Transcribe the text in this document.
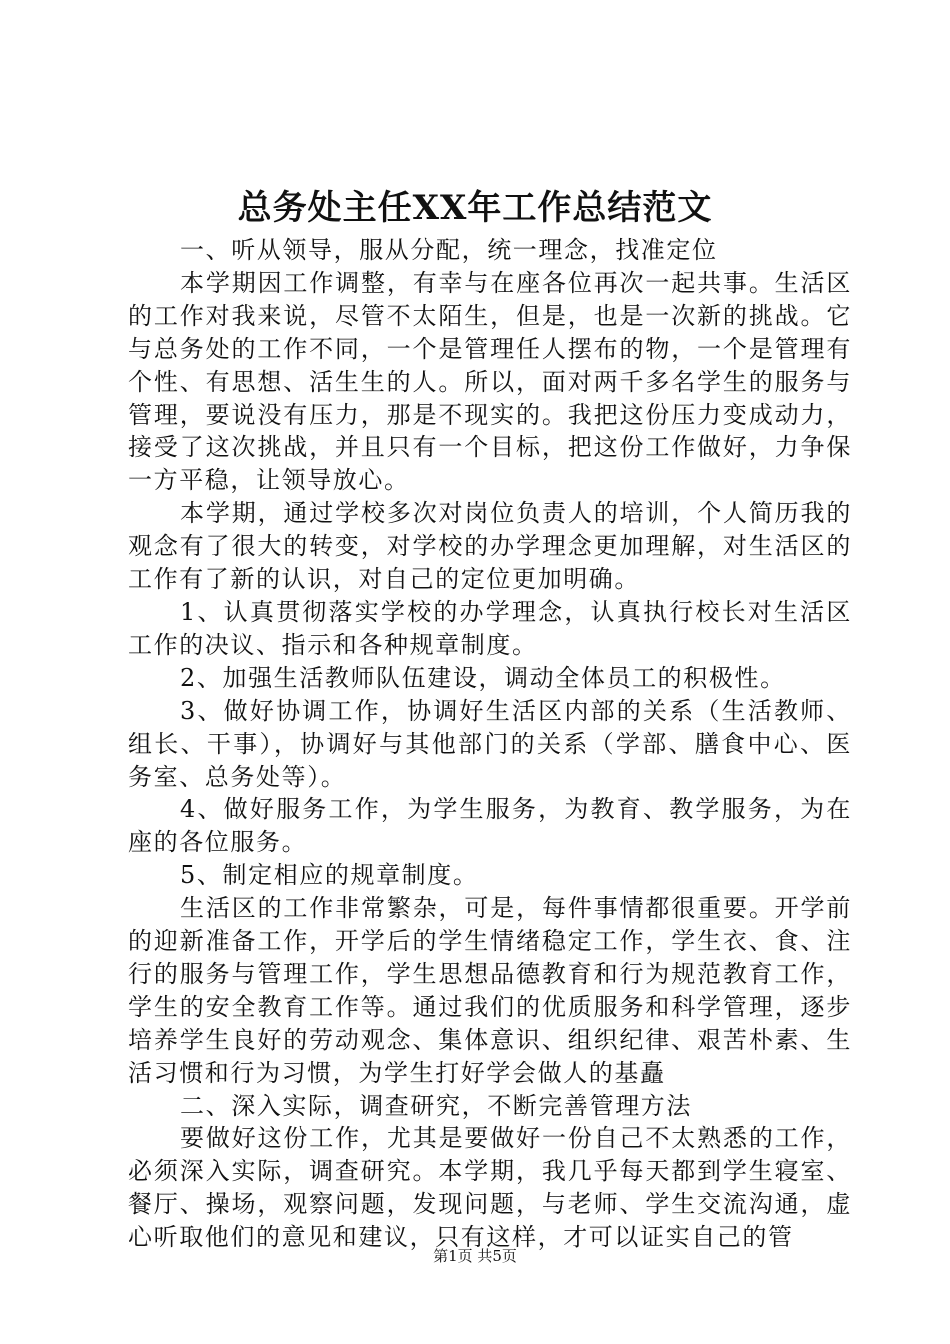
总务处主任XX年工作总结范文

一、听从领导，服从分配，统一理念，找准定位

本学期因工作调整，有幸与在座各位再次一起共事。生活区的工作对我来说，尽管不太陌生，但是，也是一次新的挑战。它与总务处的工作不同，一个是管理任人摆布的物，一个是管理有个性、有思想、活生生的人。所以，面对两千多名学生的服务与管理，要说没有压力，那是不现实的。我把这份压力变成动力，接受了这次挑战，并且只有一个目标，把这份工作做好，力争保一方平稳，让领导放心。

本学期，通过学校多次对岗位负责人的培训，个人简历我的观念有了很大的转变，对学校的办学理念更加理解，对生活区的工作有了新的认识，对自己的定位更加明确。

1、认真贯彻落实学校的办学理念，认真执行校长对生活区工作的决议、指示和各种规章制度。

2、加强生活教师队伍建设，调动全体员工的积极性。

3、做好协调工作，协调好生活区内部的关系（生活教师、组长、干事），协调好与其他部门的关系（学部、膳食中心、医务室、总务处等）。

4、做好服务工作，为学生服务，为教育、教学服务，为在座的各位服务。

5、制定相应的规章制度。

生活区的工作非常繁杂，可是，每件事情都很重要。开学前的迎新准备工作，开学后的学生情绪稳定工作，学生衣、食、注行的服务与管理工作，学生思想品德教育和行为规范教育工作，学生的安全教育工作等。通过我们的优质服务和科学管理，逐步培养学生良好的劳动观念、集体意识、组织纪律、艰苦朴素、生活习惯和行为习惯，为学生打好学会做人的基矗

二、深入实际，调查研究，不断完善管理方法

要做好这份工作，尤其是要做好一份自己不太熟悉的工作，必须深入实际，调查研究。本学期，我几乎每天都到学生寝室、餐厅、操场，观察问题，发现问题，与老师、学生交流沟通，虚心听取他们的意见和建议，只有这样，才可以证实自己的管

第1页 共5页
